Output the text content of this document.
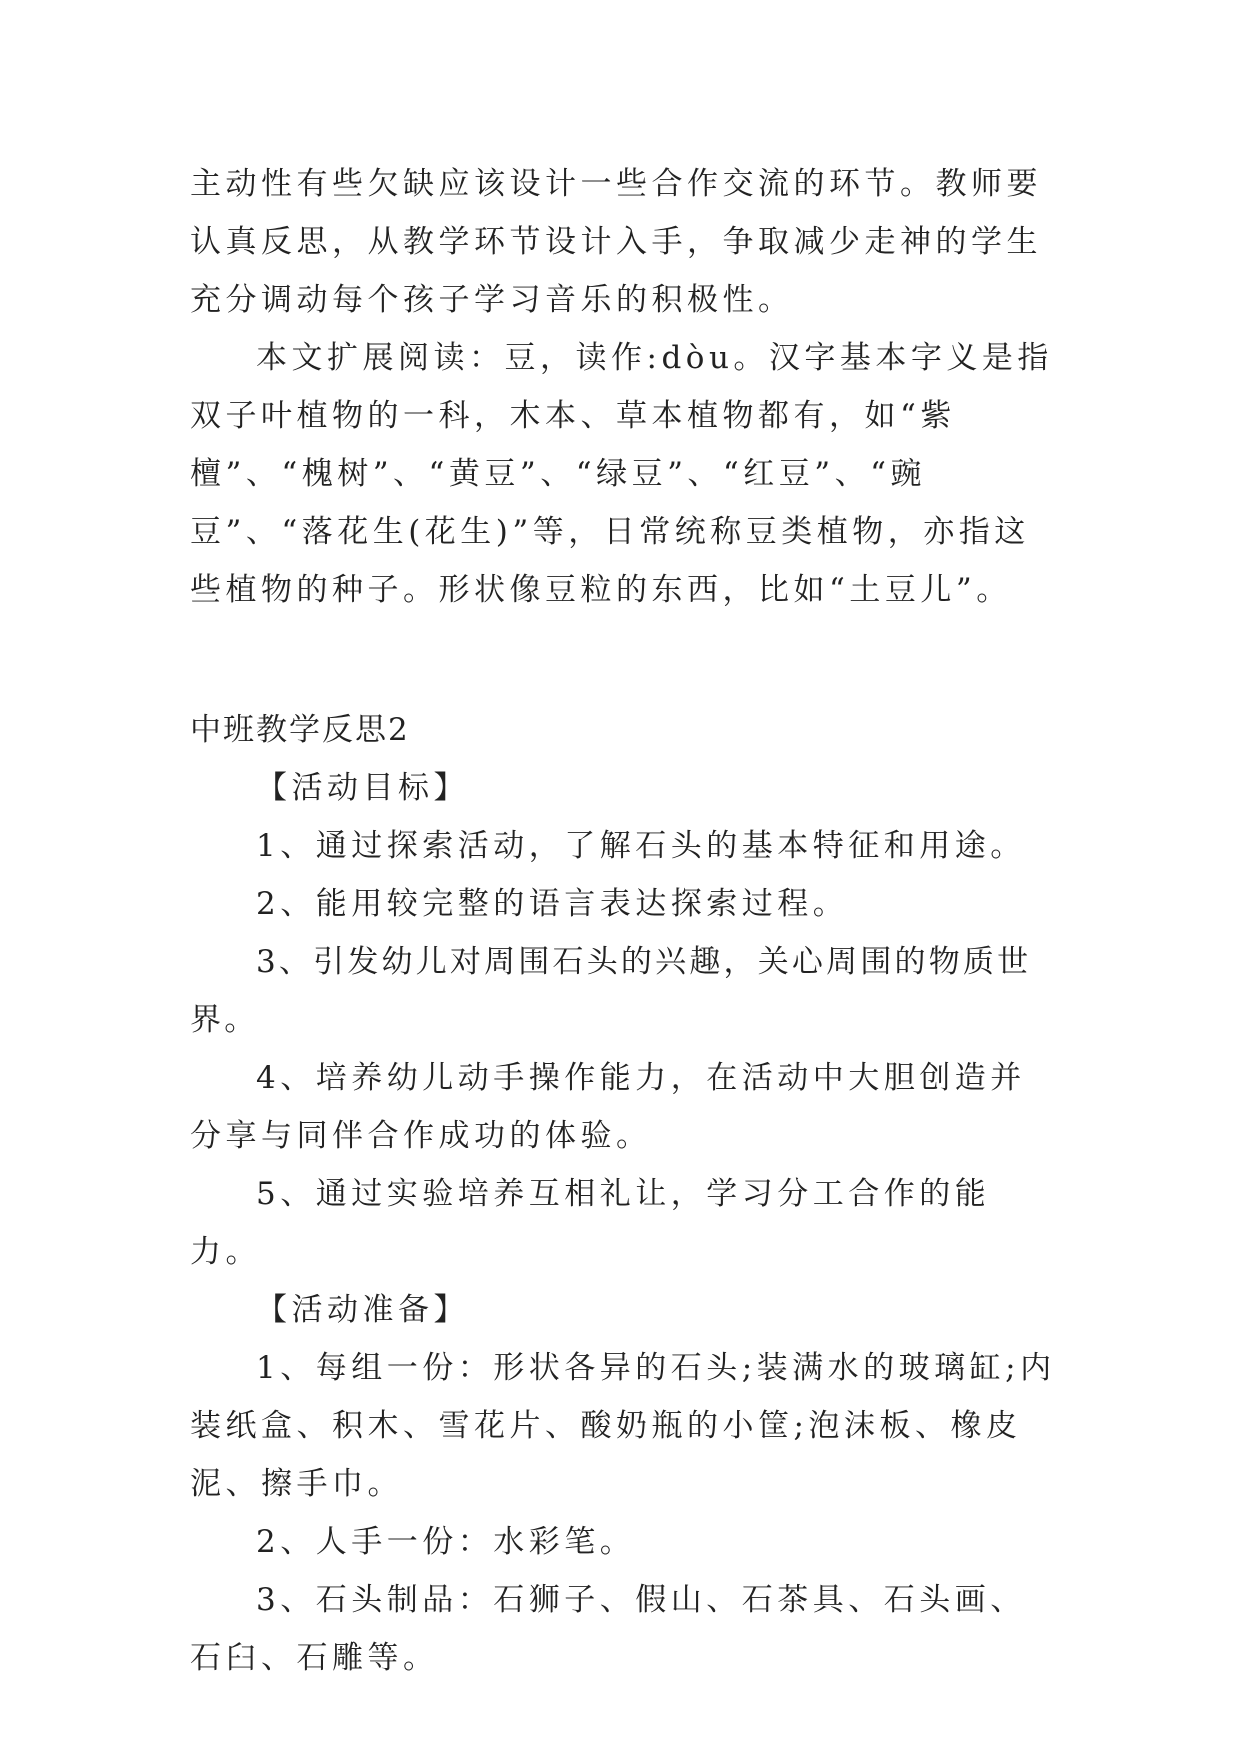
主动性有些欠缺应该设计一些合作交流的环节。教师要认真反思，从教学环节设计入手，争取减少走神的学生充分调动每个孩子学习音乐的积极性。

本文扩展阅读：豆，读作:dòu。汉字基本字义是指双子叶植物的一科，木本、草本植物都有，如“紫檀”、“槐树”、“黄豆”、“绿豆”、“红豆”、“豌豆”、“落花生(花生)”等，日常统称豆类植物，亦指这些植物的种子。形状像豆粒的东西，比如“土豆儿”。

中班教学反思2

【活动目标】

1、通过探索活动，了解石头的基本特征和用途。

2、能用较完整的语言表达探索过程。

3、引发幼儿对周围石头的兴趣，关心周围的物质世界。

4、培养幼儿动手操作能力，在活动中大胆创造并分享与同伴合作成功的体验。

5、通过实验培养互相礼让，学习分工合作的能力。

【活动准备】

1、每组一份：形状各异的石头;装满水的玻璃缸;内装纸盒、积木、雪花片、酸奶瓶的小筐;泡沫板、橡皮泥、擦手巾。

2、人手一份：水彩笔。

3、石头制品：石狮子、假山、石茶具、石头画、石臼、石雕等。
